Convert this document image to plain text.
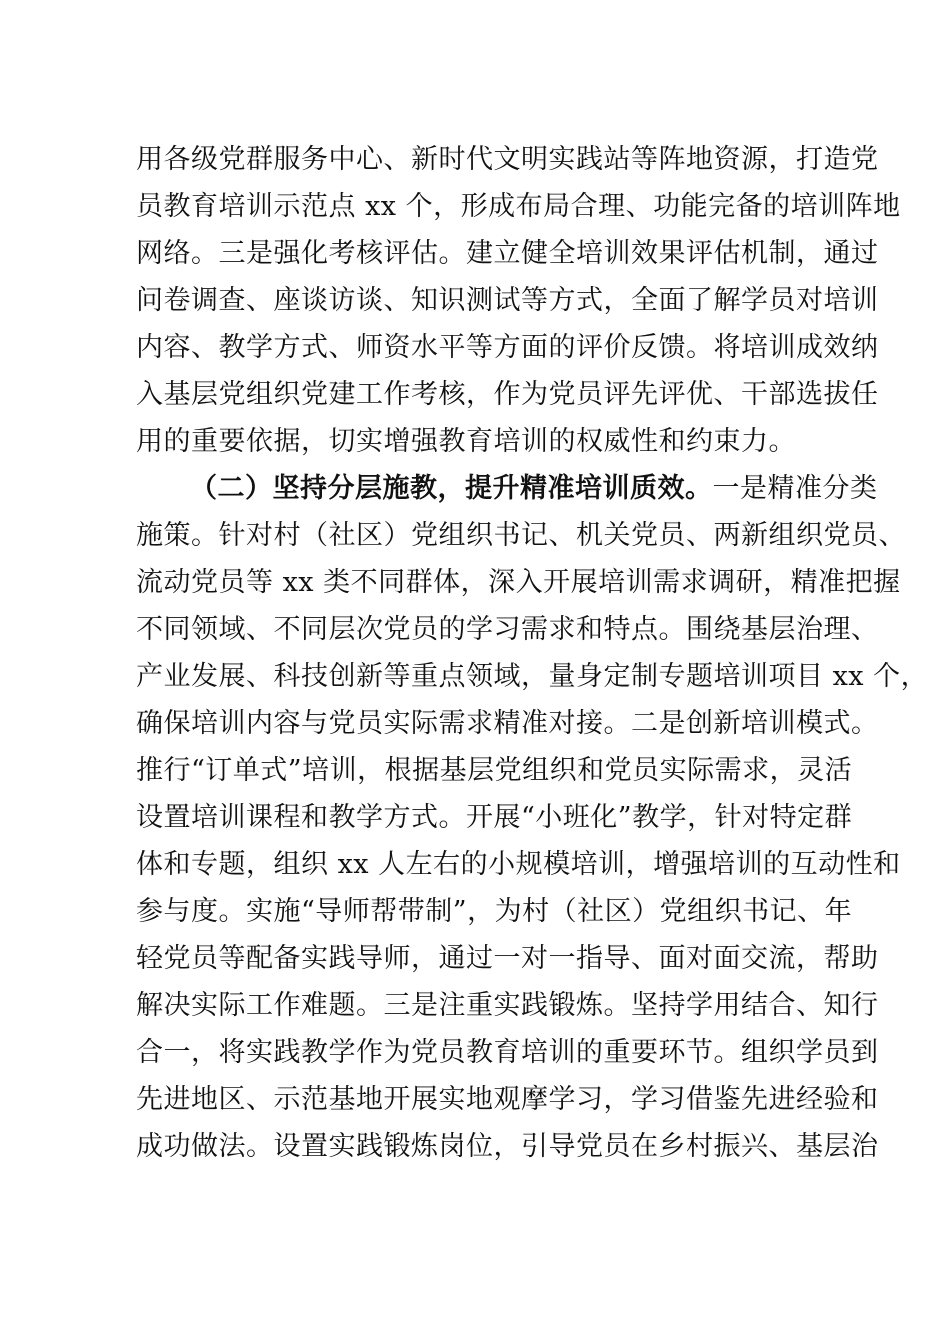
用各级党群服务中心、新时代文明实践站等阵地资源，打造党
员教育培训示范点 xx 个，形成布局合理、功能完备的培训阵地
网络。三是强化考核评估。建立健全培训效果评估机制，通过
问卷调查、座谈访谈、知识测试等方式，全面了解学员对培训
内容、教学方式、师资水平等方面的评价反馈。将培训成效纳
入基层党组织党建工作考核，作为党员评先评优、干部选拔任
用的重要依据，切实增强教育培训的权威性和约束力。
（二）坚持分层施教，提升精准培训质效。一是精准分类
施策。针对村（社区）党组织书记、机关党员、两新组织党员、
流动党员等 xx 类不同群体，深入开展培训需求调研，精准把握
不同领域、不同层次党员的学习需求和特点。围绕基层治理、
产业发展、科技创新等重点领域，量身定制专题培训项目 xx 个，
确保培训内容与党员实际需求精准对接。二是创新培训模式。
推行“订单式”培训，根据基层党组织和党员实际需求，灵活
设置培训课程和教学方式。开展“小班化”教学，针对特定群
体和专题，组织 xx 人左右的小规模培训，增强培训的互动性和
参与度。实施“导师帮带制”，为村（社区）党组织书记、年
轻党员等配备实践导师，通过一对一指导、面对面交流，帮助
解决实际工作难题。三是注重实践锻炼。坚持学用结合、知行
合一，将实践教学作为党员教育培训的重要环节。组织学员到
先进地区、示范基地开展实地观摩学习，学习借鉴先进经验和
成功做法。设置实践锻炼岗位，引导党员在乡村振兴、基层治
